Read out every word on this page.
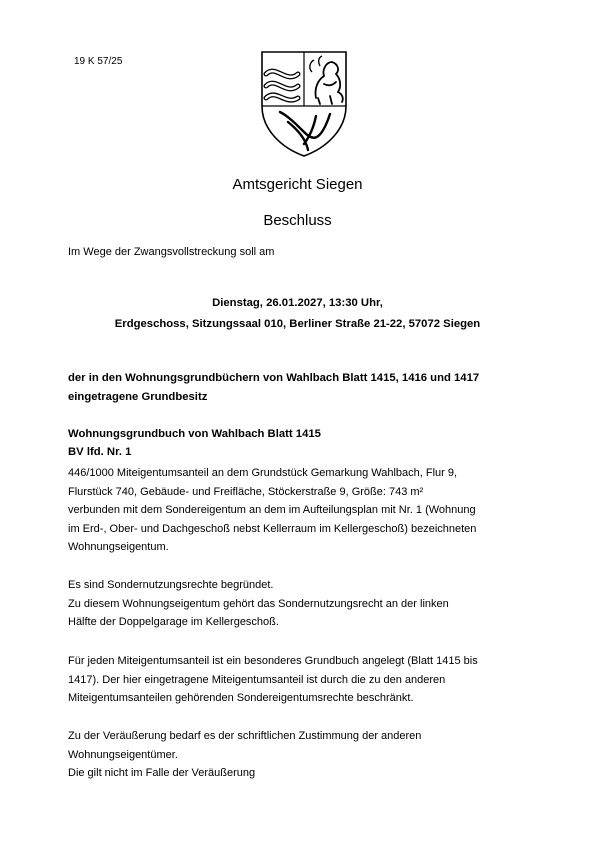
19 K 57/25
Amtsgericht Siegen
Beschluss
Im Wege der Zwangsvollstreckung soll am
Dienstag, 26.01.2027, 13:30 Uhr,
Erdgeschoss, Sitzungssaal 010, Berliner Straße 21-22, 57072 Siegen
der in den Wohnungsgrundbüchern von Wahlbach Blatt 1415, 1416 und 1417
eingetragene Grundbesitz
Wohnungsgrundbuch von Wahlbach Blatt 1415
BV lfd. Nr. 1
446/1000 Miteigentumsanteil an dem Grundstück Gemarkung Wahlbach, Flur 9,
Flurstück 740, Gebäude- und Freifläche, Stöckerstraße 9, Größe: 743 m²
verbunden mit dem Sondereigentum an dem im Aufteilungsplan mit Nr. 1 (Wohnung
im Erd-, Ober- und Dachgeschoß nebst Kellerraum im Kellergeschoß) bezeichneten
Wohnungseigentum.
Es sind Sondernutzungsrechte begründet.
Zu diesem Wohnungseigentum gehört das Sondernutzungsrecht an der linken
Hälfte der Doppelgarage im Kellergeschoß.
Für jeden Miteigentumsanteil ist ein besonderes Grundbuch angelegt (Blatt 1415 bis
1417). Der hier eingetragene Miteigentumsanteil ist durch die zu den anderen
Miteigentumsanteilen gehörenden Sondereigentumsrechte beschränkt.
Zu der Veräußerung bedarf es der schriftlichen Zustimmung der anderen
Wohnungseigentümer.
Die gilt nicht im Falle der Veräußerung
